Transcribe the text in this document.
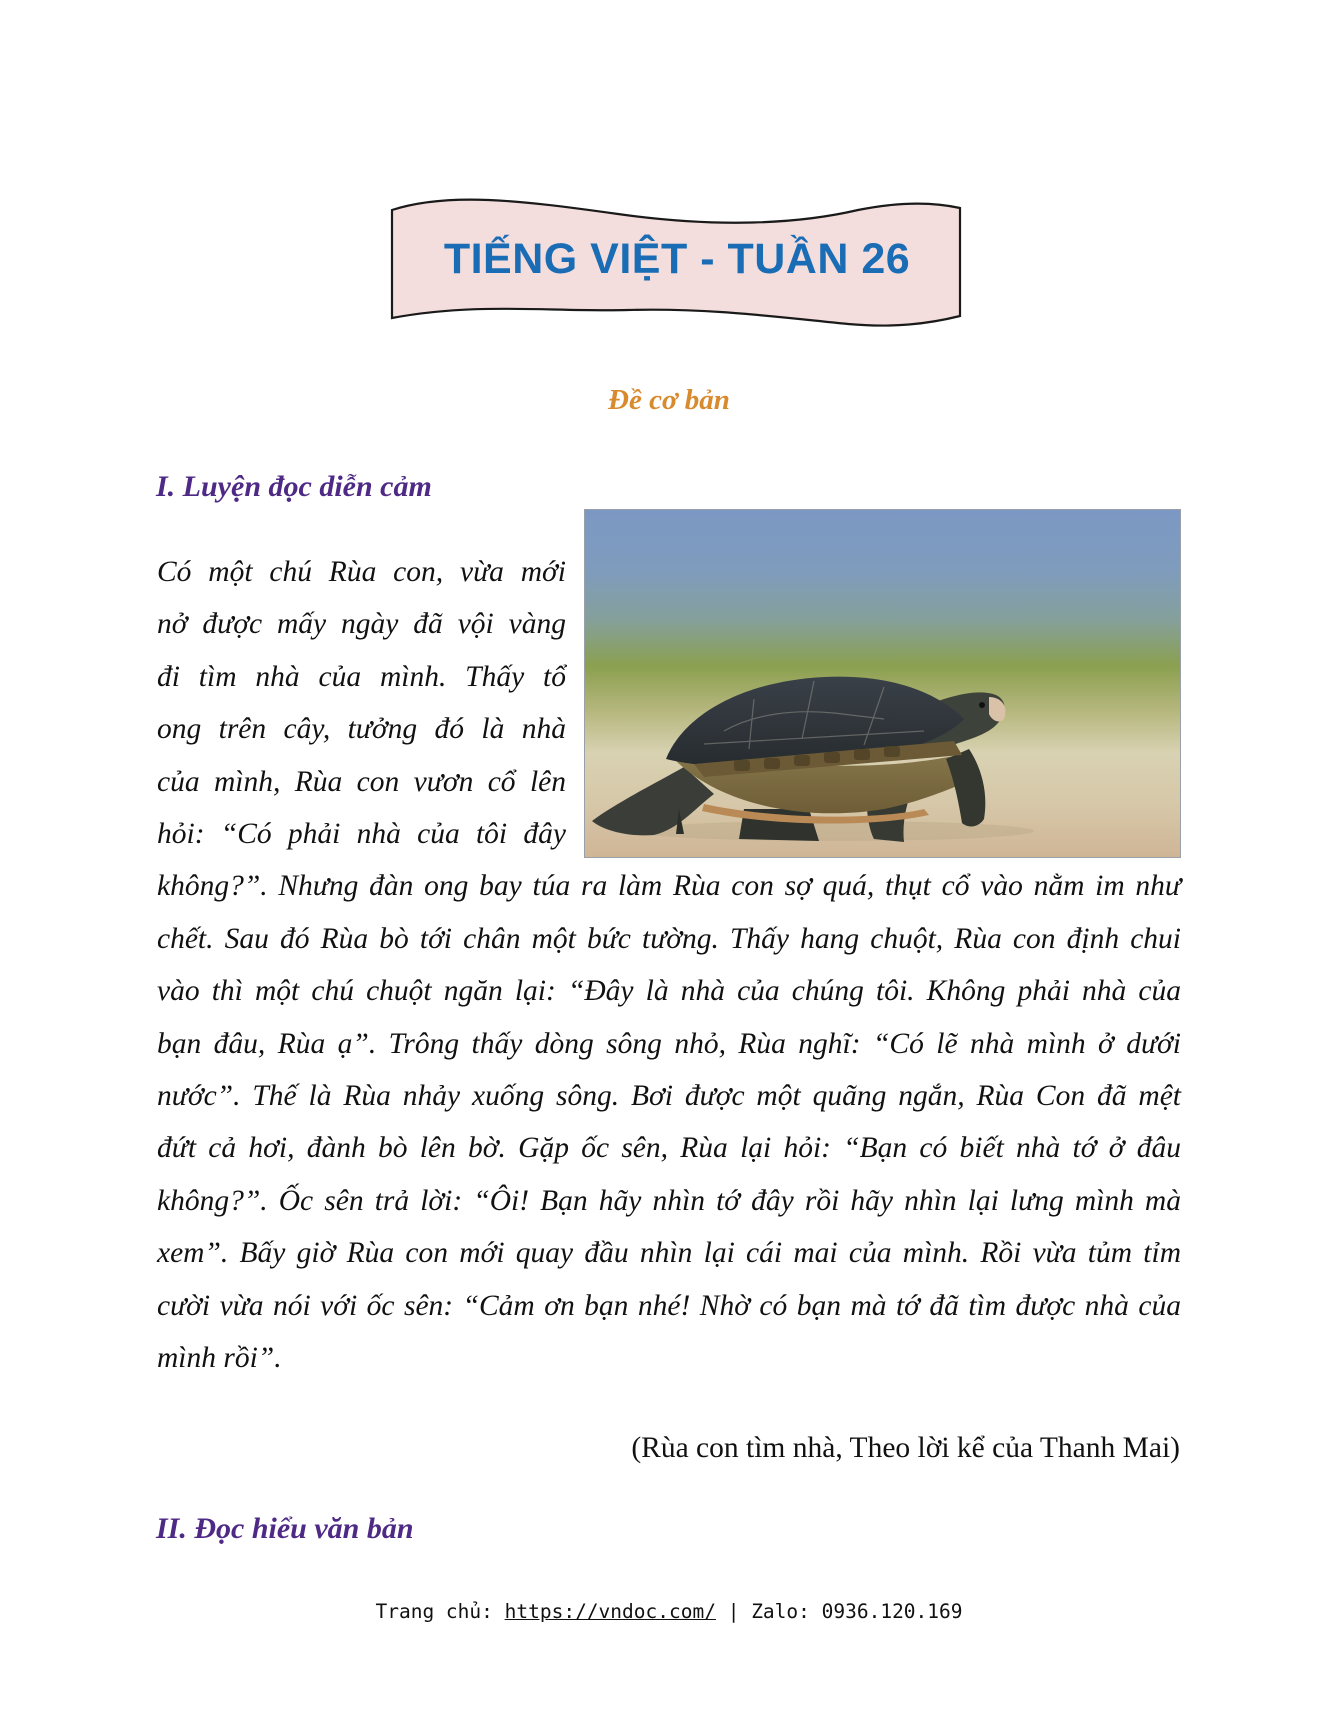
TIẾNG VIỆT - TUẦN 26
Đề cơ bản
I. Luyện đọc diễn cảm
Có một chú Rùa con, vừa mới
nở được mấy ngày đã vội vàng
đi tìm nhà của mình. Thấy tổ
ong trên cây, tưởng đó là nhà
của mình, Rùa con vươn cổ lên
hỏi: “Có phải nhà của tôi đây
không?”. Nhưng đàn ong bay túa ra làm Rùa con sợ quá, thụt cổ vào nằm im như
chết. Sau đó Rùa bò tới chân một bức tường. Thấy hang chuột, Rùa con định chui
vào thì một chú chuột ngăn lại: “Đây là nhà của chúng tôi. Không phải nhà của
bạn đâu, Rùa ạ”. Trông thấy dòng sông nhỏ, Rùa nghĩ: “Có lẽ nhà mình ở dưới
nước”. Thế là Rùa nhảy xuống sông. Bơi được một quãng ngắn, Rùa Con đã mệt
đứt cả hơi, đành bò lên bờ. Gặp ốc sên, Rùa lại hỏi: “Bạn có biết nhà tớ ở đâu
không?”. Ốc sên trả lời: “Ôi! Bạn hãy nhìn tớ đây rồi hãy nhìn lại lưng mình mà
xem”. Bấy giờ Rùa con mới quay đầu nhìn lại cái mai của mình. Rồi vừa tủm tỉm
cười vừa nói với ốc sên: “Cảm ơn bạn nhé! Nhờ có bạn mà tớ đã tìm được nhà của
mình rồi”.
(Rùa con tìm nhà, Theo lời kể của Thanh Mai)
II. Đọc hiểu văn bản
Trang chủ: https://vndoc.com/ | Zalo: 0936.120.169
